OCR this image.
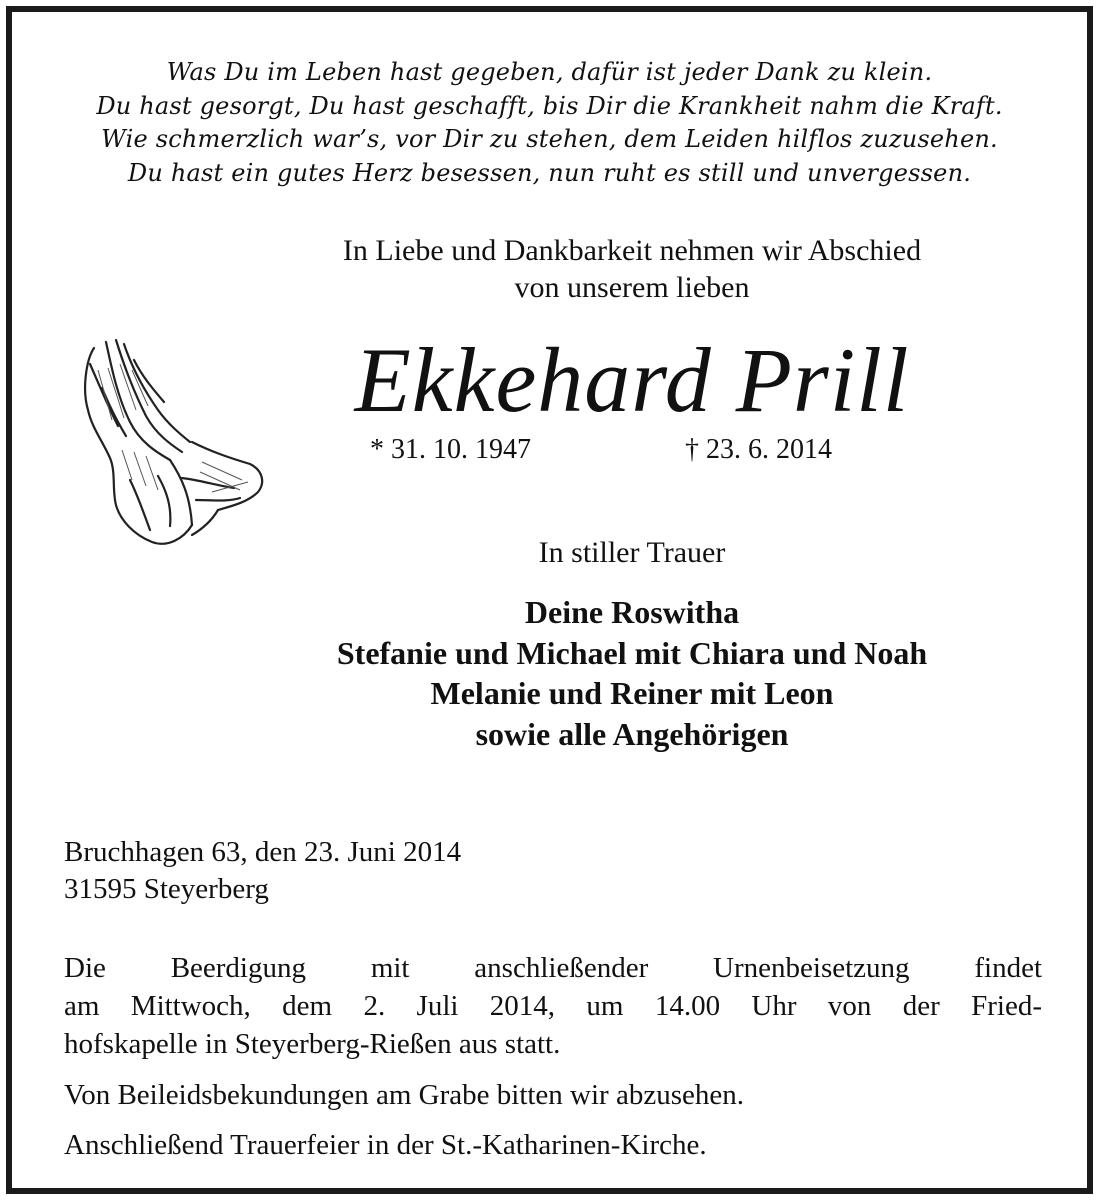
Was Du im Leben hast gegeben, dafür ist jeder Dank zu klein.
Du hast gesorgt, Du hast geschafft, bis Dir die Krankheit nahm die Kraft.
Wie schmerzlich war’s, vor Dir zu stehen, dem Leiden hilflos zuzusehen.
Du hast ein gutes Herz besessen, nun ruht es still und unvergessen.
In Liebe und Dankbarkeit nehmen wir Abschied
von unserem lieben
Ekkehard Prill
* 31. 10. 1947	† 23. 6. 2014
In stiller Trauer
Deine Roswitha
Stefanie und Michael mit Chiara und Noah
Melanie und Reiner mit Leon
sowie alle Angehörigen
Bruchhagen 63, den 23. Juni 2014
31595 Steyerberg
Die Beerdigung mit anschließender Urnenbeisetzung findet
am Mittwoch, dem 2. Juli 2014, um 14.00 Uhr von der Fried-
hofskapelle in Steyerberg-Rießen aus statt.
Von Beileidsbekundungen am Grabe bitten wir abzusehen.
Anschließend Trauerfeier in der St.-Katharinen-Kirche.
